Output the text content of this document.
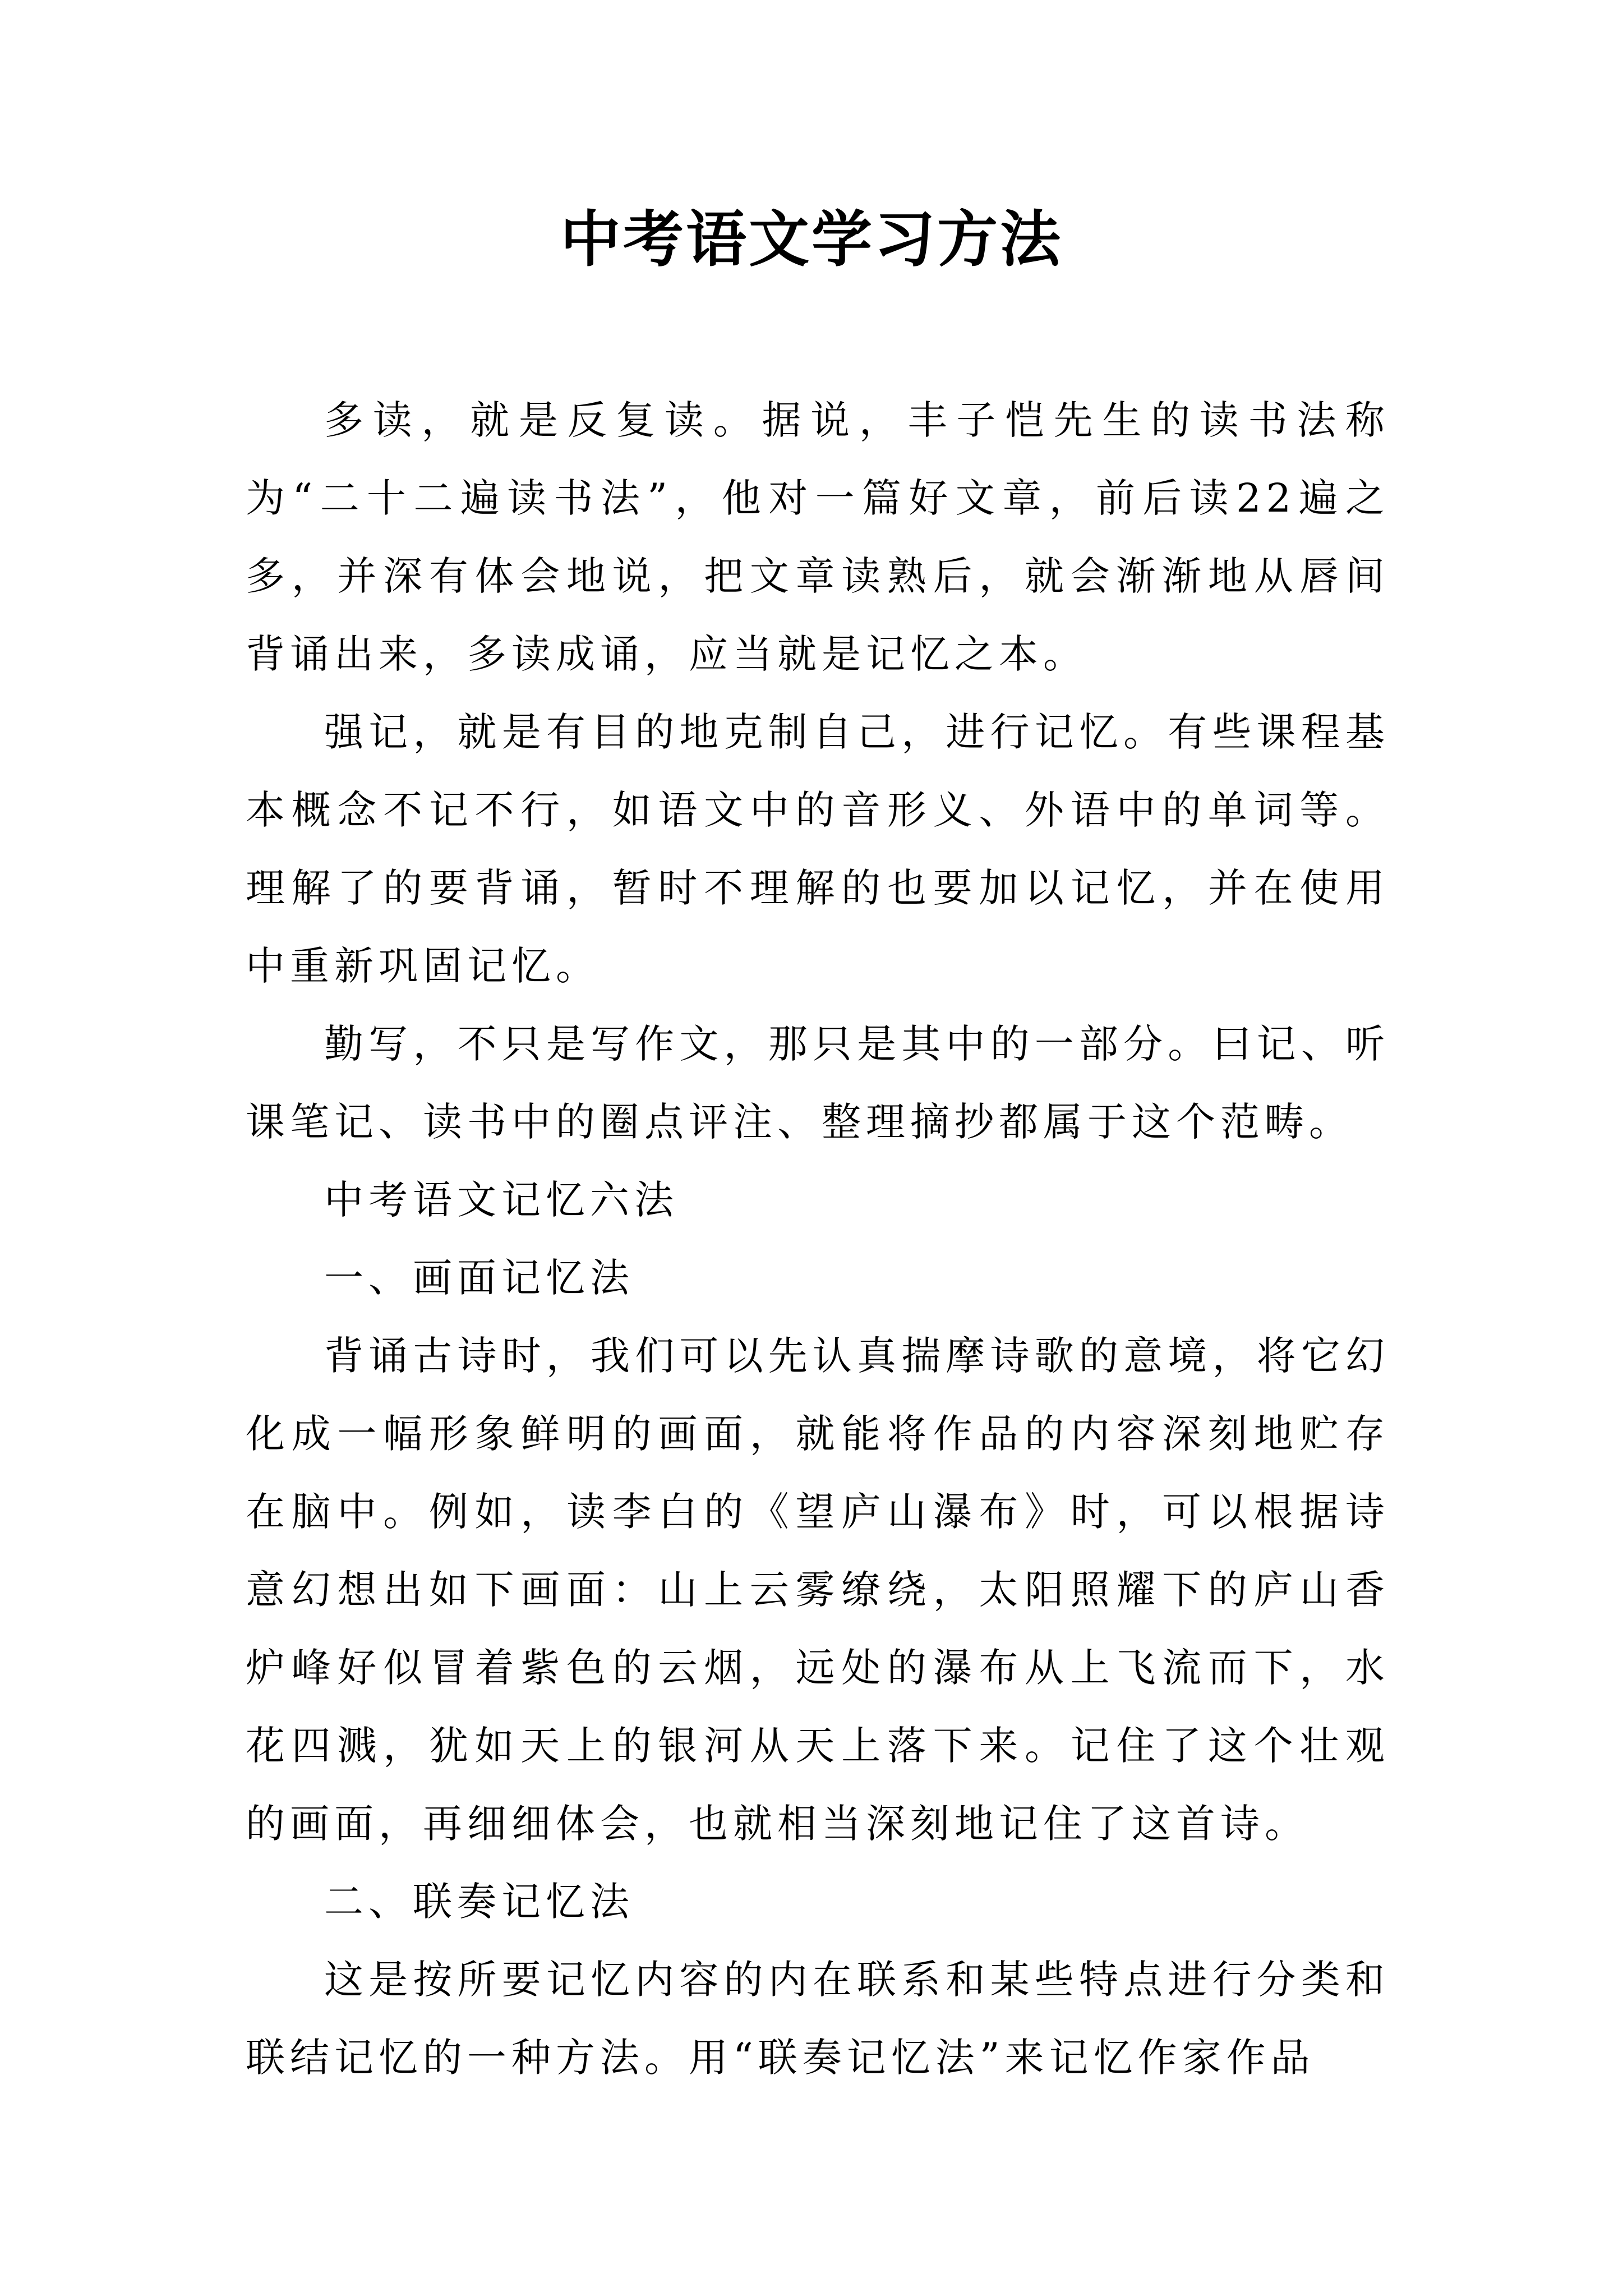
中考语文学习方法

多读，就是反复读。据说，丰子恺先生的读书法称为“二十二遍读书法”，他对一篇好文章，前后读22遍之多，并深有体会地说，把文章读熟后，就会渐渐地从唇间背诵出来，多读成诵，应当就是记忆之本。

强记，就是有目的地克制自己，进行记忆。有些课程基本概念不记不行，如语文中的音形义、外语中的单词等。理解了的要背诵，暂时不理解的也要加以记忆，并在使用中重新巩固记忆。

勤写，不只是写作文，那只是其中的一部分。曰记、听课笔记、读书中的圈点评注、整理摘抄都属于这个范畴。

中考语文记忆六法

一、画面记忆法

背诵古诗时，我们可以先认真揣摩诗歌的意境，将它幻化成一幅形象鲜明的画面，就能将作品的内容深刻地贮存在脑中。例如，读李白的《望庐山瀑布》时，可以根据诗意幻想出如下画面：山上云雾缭绕，太阳照耀下的庐山香炉峰好似冒着紫色的云烟，远处的瀑布从上飞流而下，水花四溅，犹如天上的银河从天上落下来。记住了这个壮观的画面，再细细体会，也就相当深刻地记住了这首诗。

二、联奏记忆法

这是按所要记忆内容的内在联系和某些特点进行分类和联结记忆的一种方法。用“联奏记忆法”来记忆作家作品
